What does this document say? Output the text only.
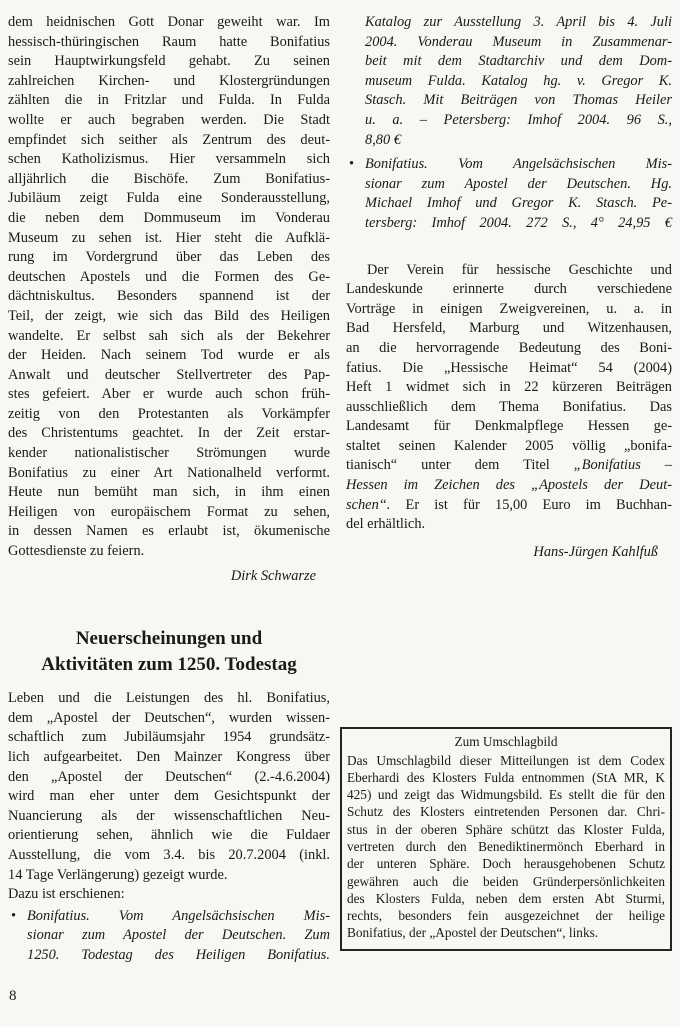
dem heidnischen Gott Donar geweiht war. Im
hessisch-thüringischen Raum hatte Bonifatius
sein Hauptwirkungsfeld gehabt. Zu seinen
zahlreichen Kirchen- und Klostergründungen
zählten die in Fritzlar und Fulda. In Fulda
wollte er auch begraben werden. Die Stadt
empfindet sich seither als Zentrum des deut-
schen Katholizismus. Hier versammeln sich
alljährlich die Bischöfe. Zum Bonifatius-
Jubiläum zeigt Fulda eine Sonderausstellung,
die neben dem Dommuseum im Vonderau
Museum zu sehen ist. Hier steht die Aufklä-
rung im Vordergrund über das Leben des
deutschen Apostels und die Formen des Ge-
dächtniskultus. Besonders spannend ist der
Teil, der zeigt, wie sich das Bild des Heiligen
wandelte. Er selbst sah sich als der Bekehrer
der Heiden. Nach seinem Tod wurde er als
Anwalt und deutscher Stellvertreter des Pap-
stes gefeiert. Aber er wurde auch schon früh-
zeitig von den Protestanten als Vorkämpfer
des Christentums geachtet. In der Zeit erstar-
kender nationalistischer Strömungen wurde
Bonifatius zu einer Art Nationalheld verformt.
Heute nun bemüht man sich, in ihm einen
Heiligen von europäischem Format zu sehen,
in dessen Namen es erlaubt ist, ökumenische
Gottesdienste zu feiern.
Dirk Schwarze
Neuerscheinungen und
Aktivitäten zum 1250. Todestag
Leben und die Leistungen des hl. Bonifatius,
dem „Apostel der Deutschen“, wurden wissen-
schaftlich zum Jubiläumsjahr 1954 grundsätz-
lich aufgearbeitet. Den Mainzer Kongress über
den „Apostel der Deutschen“ (2.-4.6.2004)
wird man eher unter dem Gesichtspunkt der
Nuancierung als der wissenschaftlichen Neu-
orientierung sehen, ähnlich wie die Fuldaer
Ausstellung, die vom 3.4. bis 20.7.2004 (inkl.
14 Tage Verlängerung) gezeigt wurde.
Dazu ist erschienen:
• Bonifatius. Vom Angelsächsischen Mis-
sionar zum Apostel der Deutschen. Zum
1250. Todestag des Heiligen Bonifatius.
Katalog zur Ausstellung 3. April bis 4. Juli
2004. Vonderau Museum in Zusammenar-
beit mit dem Stadtarchiv und dem Dom-
museum Fulda. Katalog hg. v. Gregor K.
Stasch. Mit Beiträgen von Thomas Heiler
u. a. – Petersberg: Imhof 2004. 96 S.,
8,80 €
• Bonifatius. Vom Angelsächsischen Mis-
sionar zum Apostel der Deutschen. Hg.
Michael Imhof und Gregor K. Stasch. Pe-
tersberg: Imhof 2004. 272 S., 4° 24,95 €
Der Verein für hessische Geschichte und
Landeskunde erinnerte durch verschiedene
Vorträge in einigen Zweigvereinen, u. a. in
Bad Hersfeld, Marburg und Witzenhausen,
an die hervorragende Bedeutung des Boni-
fatius. Die „Hessische Heimat“ 54 (2004)
Heft 1 widmet sich in 22 kürzeren Beiträgen
ausschließlich dem Thema Bonifatius. Das
Landesamt für Denkmalpflege Hessen ge-
staltet seinen Kalender 2005 völlig „bonifa-
tianisch“ unter dem Titel „Bonifatius –
Hessen im Zeichen des „Apostels der Deut-
schen“. Er ist für 15,00 Euro im Buchhan-
del erhältlich.
Hans-Jürgen Kahlfuß
Zum Umschlagbild
Das Umschlagbild dieser Mitteilungen ist dem Codex
Eberhardi des Klosters Fulda entnommen (StA MR, K
425) und zeigt das Widmungsbild. Es stellt die für den
Schutz des Klosters eintretenden Personen dar. Chri-
stus in der oberen Sphäre schützt das Kloster Fulda,
vertreten durch den Benediktinermönch Eberhard in
der unteren Sphäre. Doch herausgehobenen Schutz
gewähren auch die beiden Gründerpersönlichkeiten
des Klosters Fulda, neben dem ersten Abt Sturmi,
rechts, besonders fein ausgezeichnet der heilige
Bonifatius, der „Apostel der Deutschen“, links.
8
